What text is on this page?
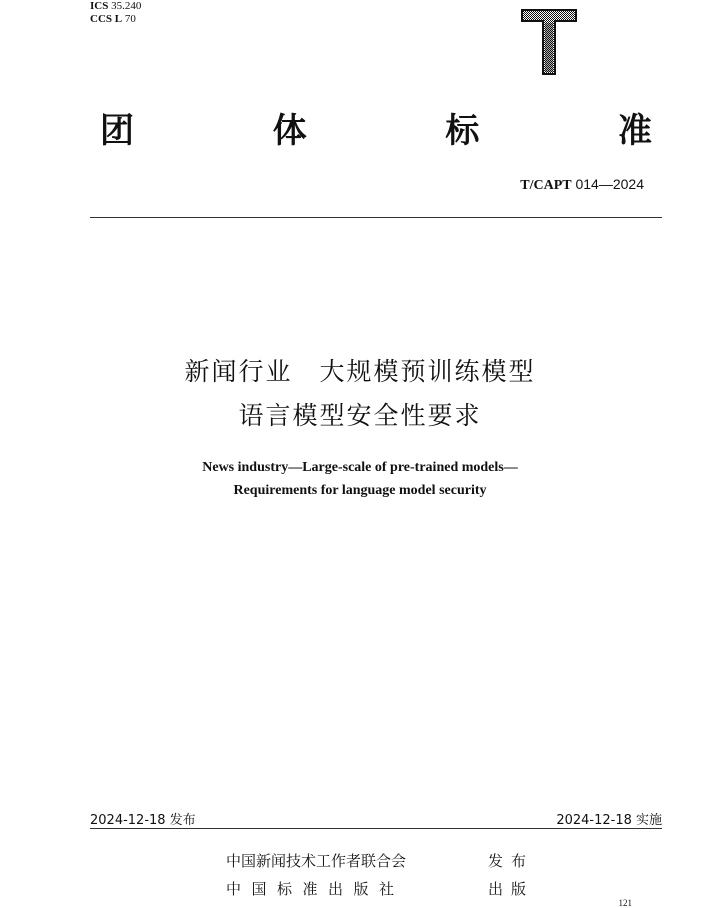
ICS 35.240
CCS L 70
团	体	标	准
T/CAPT 014—2024
新闻行业　大规模预训练模型
语言模型安全性要求
News industry—Large-scale of pre-trained models—
Requirements for language model security
2024-12-18 发布	2024-12-18 实施
中国新闻技术工作者联合会	发布
中国标准出版社	出版
121
